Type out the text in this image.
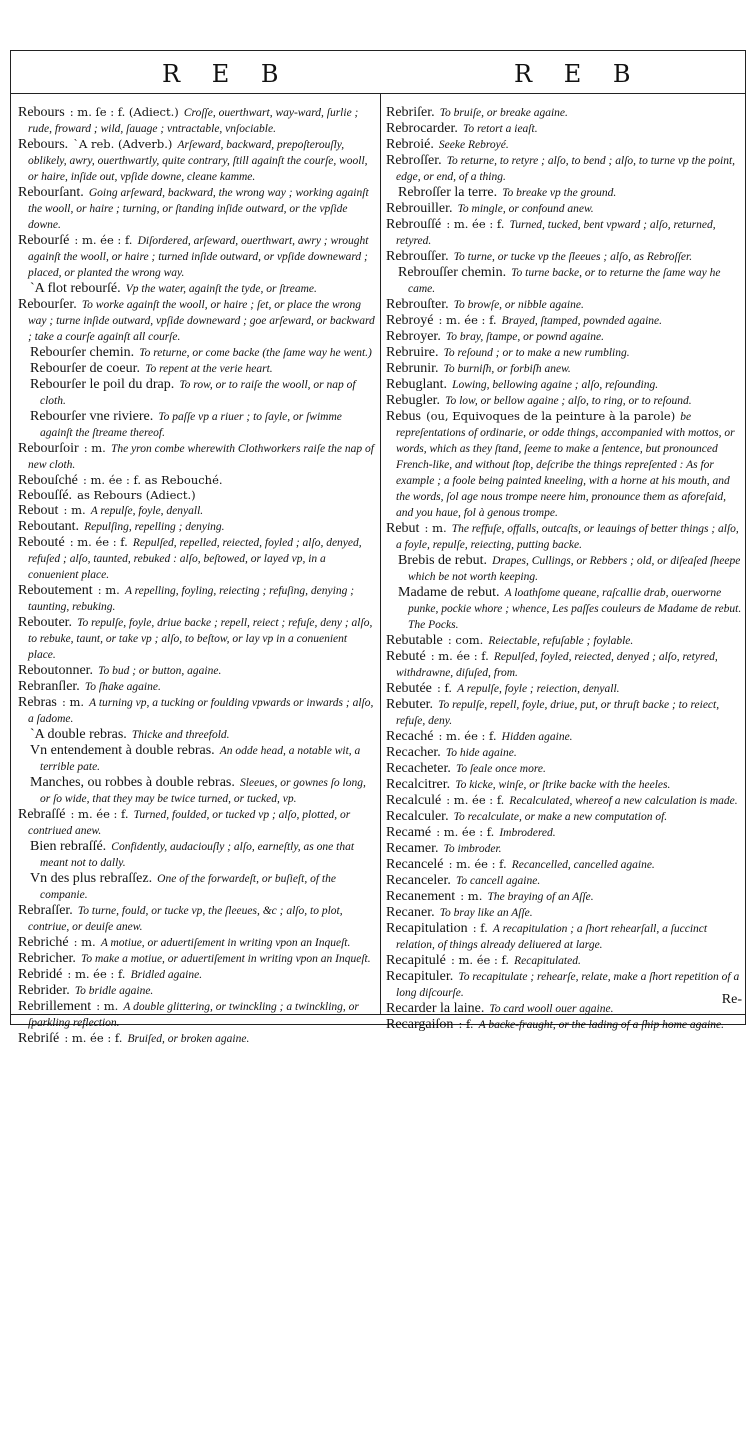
R E B	R E B

Rebours : m. ſe : f. (Adiect.) Croſſe, ouerthwart, way-ward, ſurlie ; rude, froward ; wild, ſauage ; vntractable, vnſociable.

Rebours. `A reb. (Adverb.) Arſeward, backward, prepoſterouſly, oblikely, awry, ouerthwartly, quite contrary, ſtill againſt the courſe, wooll, or haire, inſide out, vpſide downe, cleane kamme.

Rebourſant. Going arſeward, backward, the wrong way ; working againſt the wooll, or haire ; turning, or ſtanding inſide outward, or the vpſide downe.

Rebourſé : m. ée : f. Diſordered, arſeward, ouerthwart, awry ; wrought againſt the wooll, or haire ; turned inſide outward, or vpſide downeward ; placed, or planted the wrong way.

`A flot rebourſé. Vp the water, againſt the tyde, or ſtreame.

Rebourſer. To worke againſt the wooll, or haire ; ſet, or place the wrong way ; turne inſide outward, vpſide downeward ; goe arſeward, or backward ; take a courſe againſt all courſe.

Rebourſer chemin. To returne, or come backe (the ſame way he went.)

Rebourſer de coeur. To repent at the verie heart.

Rebourſer le poil du drap. To row, or to raiſe the wooll, or nap of cloth.

Rebourſer vne riviere. To paſſe vp a riuer ; to ſayle, or ſwimme againſt the ſtreame thereof.

Rebourſoir : m. The yron combe wherewith Clothworkers raiſe the nap of new cloth.

Rebouſché : m. ée : f. as Rebouché.

Rebouſſé. as Rebours (Adiect.)

Rebout : m. A repulſe, foyle, denyall.

Reboutant. Repulſing, repelling ; denying.

Rebouté : m. ée : f. Repulſed, repelled, reiected, foyled ; alſo, denyed, refuſed ; alſo, taunted, rebuked : alſo, beſtowed, or layed vp, in a conuenient place.

Reboutement : m. A repelling, foyling, reiecting ; refuſing, denying ; taunting, rebuking.

Rebouter. To repulſe, foyle, driue backe ; repell, reiect ; refuſe, deny ; alſo, to rebuke, taunt, or take vp ; alſo, to beſtow, or lay vp in a conuenient place.

Reboutonner. To bud ; or button, againe.

Rebranſler. To ſhake againe.

Rebras : m. A turning vp, a tucking or foulding vpwards or inwards ; alſo, a ſadome.

`A double rebras. Thicke and threefold.

Vn entendement à double rebras. An odde head, a notable wit, a terrible pate.

Manches, ou robbes à double rebras. Sleeues, or gownes ſo long, or ſo wide, that they may be twice turned, or tucked, vp.

Rebraſſé : m. ée : f. Turned, foulded, or tucked vp ; alſo, plotted, or contriued anew.

Bien rebraſſé. Confidently, audaciouſly ; alſo, earneſtly, as one that meant not to dally.

Vn des plus rebraſſez. One of the forwardeſt, or buſieſt, of the companie.

Rebraſſer. To turne, fould, or tucke vp, the ſleeues, &c ; alſo, to plot, contriue, or deuiſe anew.

Rebriché : m. A motiue, or aduertiſement in writing vpon an Inqueſt.

Rebricher. To make a motiue, or aduertiſement in writing vpon an Inqueſt.

Rebridé : m. ée : f. Bridled againe.

Rebrider. To bridle againe.

Rebrillement : m. A double glittering, or twinckling ; a twinckling, or ſparkling reflection.

Rebriſé : m. ée : f. Bruiſed, or broken againe.

Rebriſer. To bruiſe, or breake againe.

Rebrocarder. To retort a ieaſt.

Rebroié. Seeke Rebroyé.

Rebroſſer. To returne, to retyre ; alſo, to bend ; alſo, to turne vp the point, edge, or end, of a thing.

Rebroſſer la terre. To breake vp the ground.

Rebrouiller. To mingle, or confound anew.

Rebrouſſé : m. ée : f. Turned, tucked, bent vpward ; alſo, returned, retyred.

Rebrouſſer. To turne, or tucke vp the ſleeues ; alſo, as Rebroſſer.

Rebrouſſer chemin. To turne backe, or to returne the ſame way he came.

Rebrouſter. To browſe, or nibble againe.

Rebroyé : m. ée : f. Brayed, ſtamped, pownded againe.

Rebroyer. To bray, ſtampe, or pownd againe.

Rebruire. To reſound ; or to make a new rumbling.

Rebrunir. To burniſh, or forbiſh anew.

Rebuglant. Lowing, bellowing againe ; alſo, reſounding.

Rebugler. To low, or bellow againe ; alſo, to ring, or to reſound.

Rebus (ou, Equivoques de la peinture à la parole) be repreſentations of ordinarie, or odde things, accompanied with mottos, or words, which as they ſtand, ſeeme to make a ſentence, but pronounced French-like, and without ſtop, deſcribe the things repreſented : As for example ; a foole being painted kneeling, with a horne at his mouth, and the words, ſol age nous trompe neere him, pronounce them as aforeſaid, and you haue, fol à genous trompe.

Rebut : m. The reffuſe, offalls, outcaſts, or leauings of better things ; alſo, a foyle, repulſe, reiecting, putting backe.

Brebis de rebut. Drapes, Cullings, or Rebbers ; old, or diſeaſed ſheepe which be not worth keeping.

Madame de rebut. A loathſome queane, raſcallie drab, ouerworne punke, pockie whore ; whence, Les paſſes couleurs de Madame de rebut. The Pocks.

Rebutable : com. Reiectable, refuſable ; foylable.

Rebuté : m. ée : f. Repulſed, foyled, reiected, denyed ; alſo, retyred, withdrawne, diſuſed, from.

Rebutée : f. A repulſe, foyle ; reiection, denyall.

Rebuter. To repulſe, repell, foyle, driue, put, or thruſt backe ; to reiect, refuſe, deny.

Recaché : m. ée : f. Hidden againe.

Recacher. To hide againe.

Recacheter. To ſeale once more.

Recalcitrer. To kicke, winſe, or ſtrike backe with the heeles.

Recalculé : m. ée : f. Recalculated, whereof a new calculation is made.

Recalculer. To recalculate, or make a new computation of.

Recamé : m. ée : f. Imbrodered.

Recamer. To imbroder.

Recancelé : m. ée : f. Recancelled, cancelled againe.

Recanceler. To cancell againe.

Recanement : m. The braying of an Aſſe.

Recaner. To bray like an Aſſe.

Recapitulation : f. A recapitulation ; a ſhort rehearſall, a ſuccinct relation, of things already deliuered at large.

Recapitulé : m. ée : f. Recapitulated.

Recapituler. To recapitulate ; rehearſe, relate, make a ſhort repetition of a long diſcourſe.

Recarder la laine. To card wooll ouer againe.

Recargaiſon : f. A backe-fraught, or the lading of a ſhip home againe.

Re-
